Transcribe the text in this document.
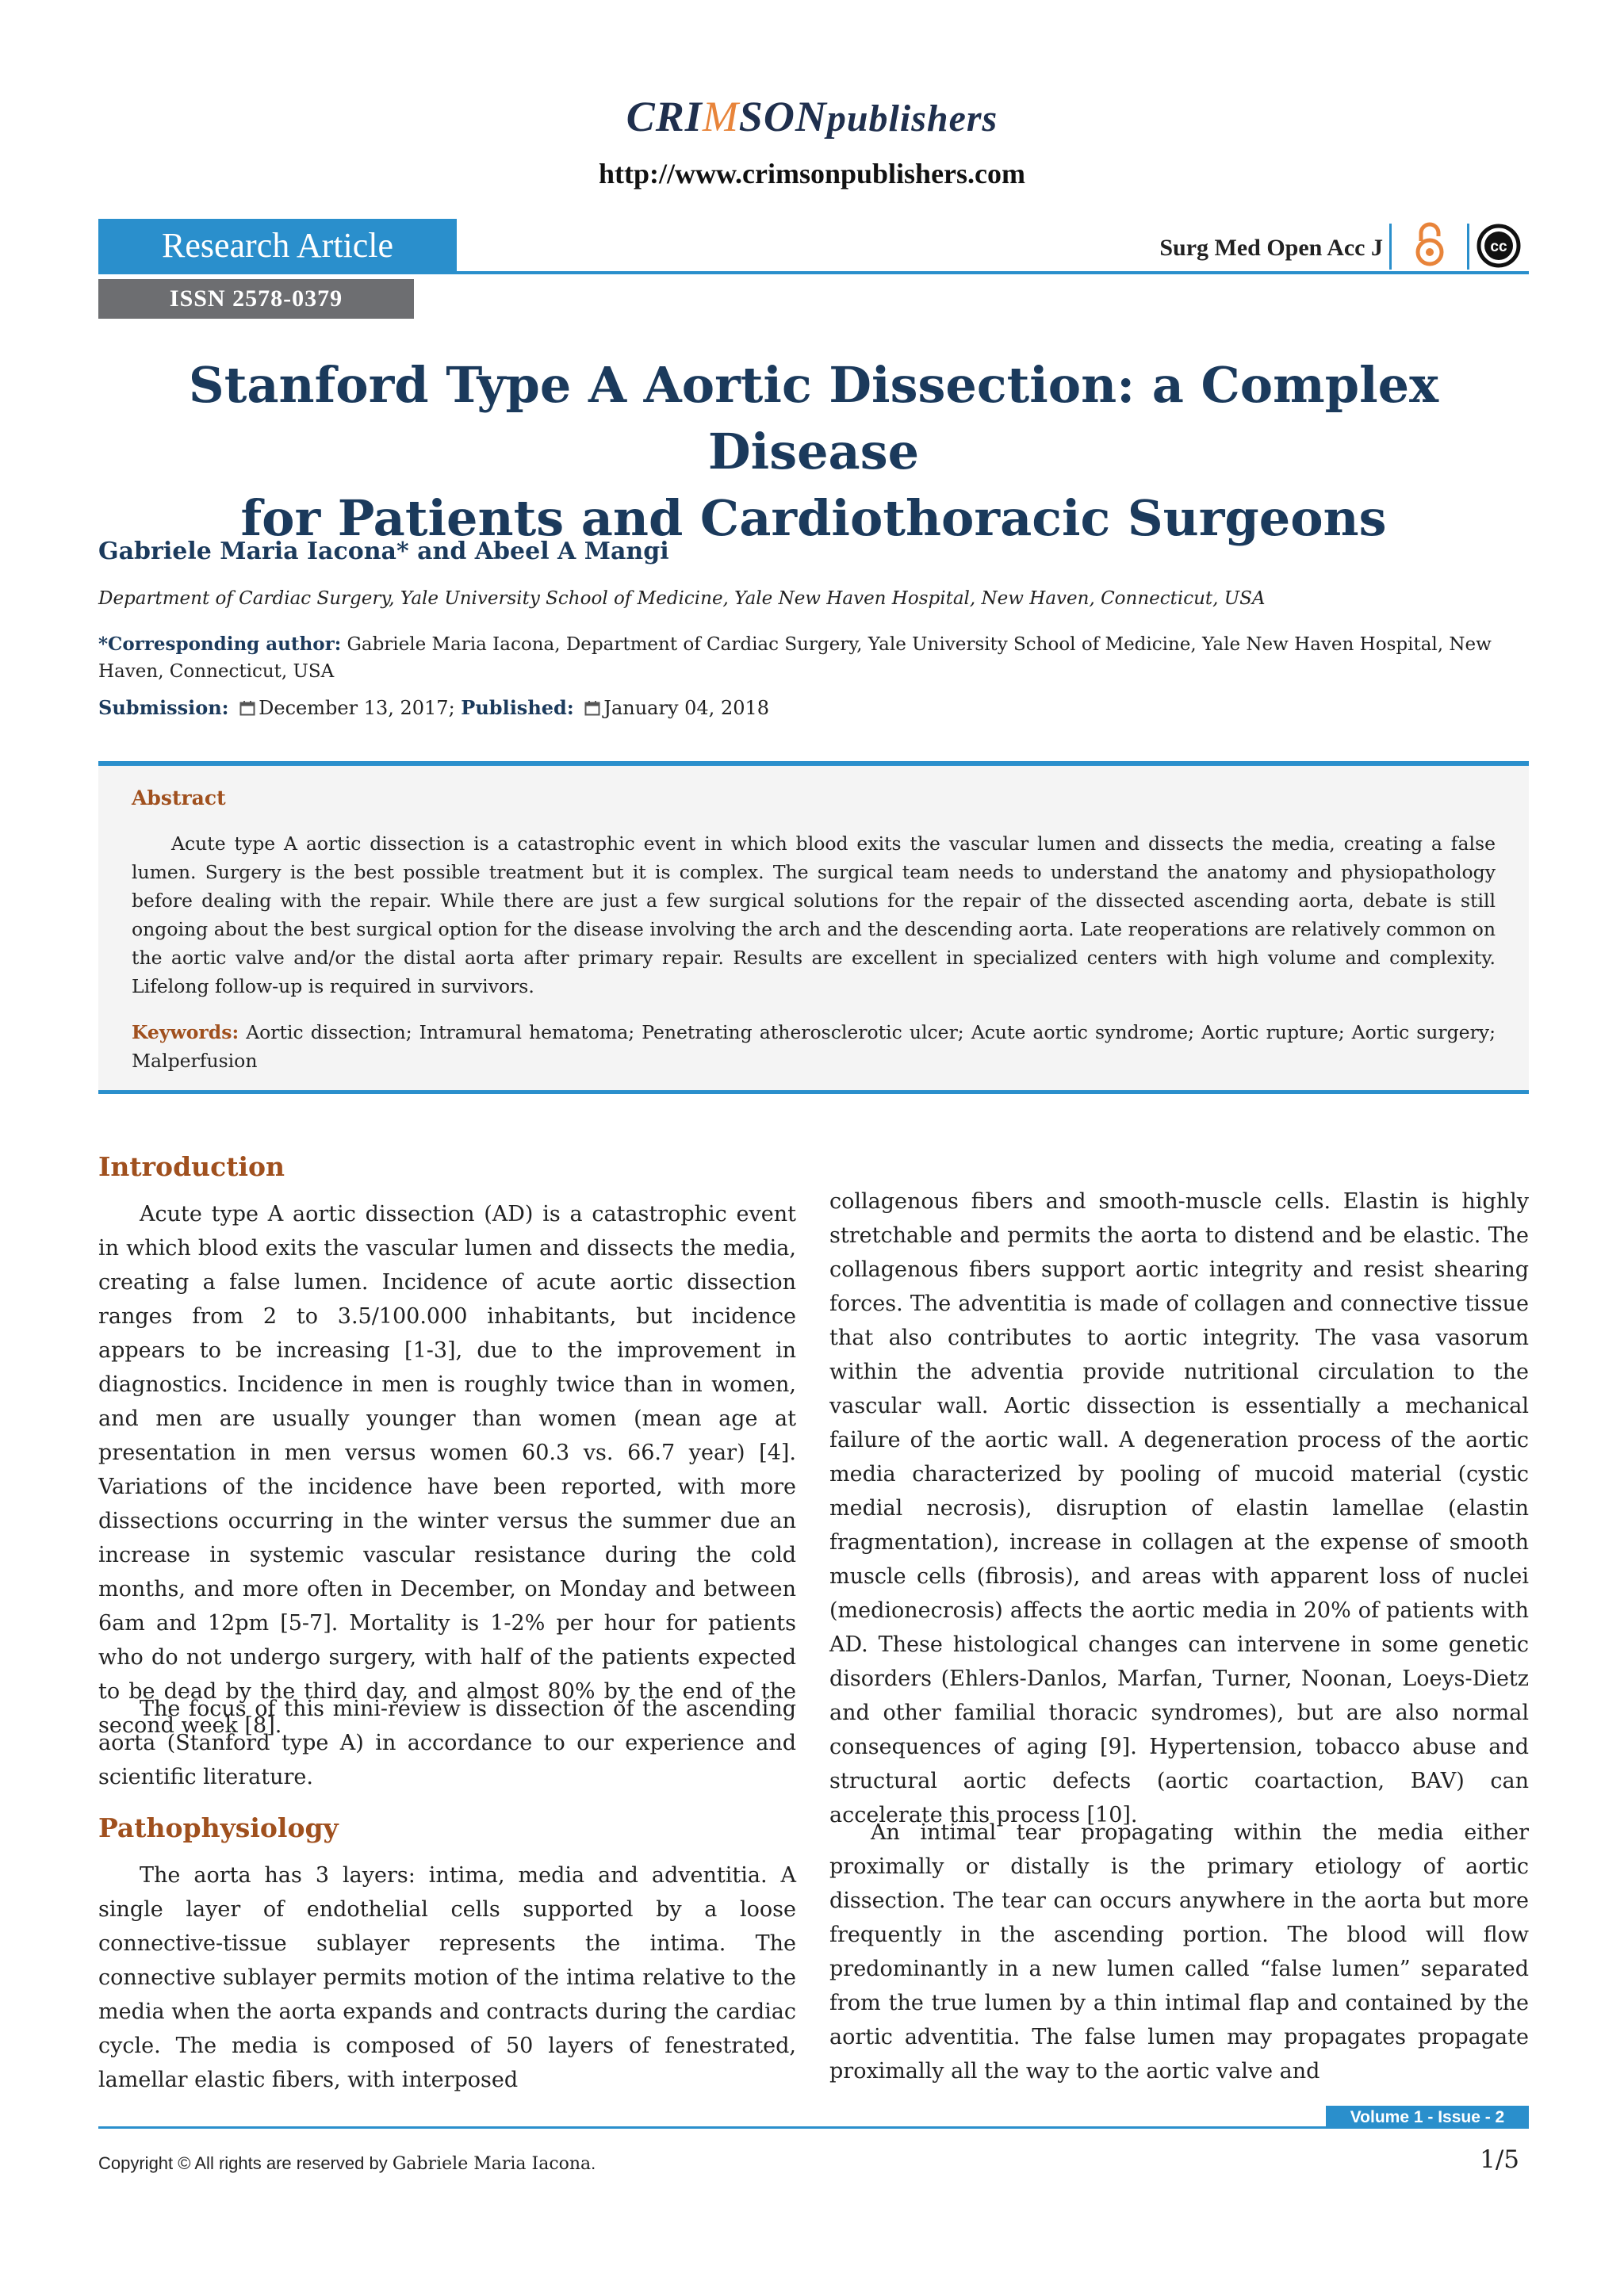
CRIMSONpublishers
http://www.crimsonpublishers.com
Research Article
ISSN 2578-0379
Surg Med Open Acc J	cc
Stanford Type A Aortic Dissection: a Complex Disease
for Patients and Cardiothoracic Surgeons
Gabriele Maria Iacona* and Abeel A Mangi
Department of Cardiac Surgery, Yale University School of Medicine, Yale New Haven Hospital, New Haven, Connecticut, USA
*Corresponding author: Gabriele Maria Iacona, Department of Cardiac Surgery, Yale University School of Medicine, Yale New Haven Hospital, New Haven, Connecticut, USA
Submission: December 13, 2017; Published: January 04, 2018
Abstract
Acute type A aortic dissection is a catastrophic event in which blood exits the vascular lumen and dissects the media, creating a false lumen. Surgery is the best possible treatment but it is complex. The surgical team needs to understand the anatomy and physiopathology before dealing with the repair. While there are just a few surgical solutions for the repair of the dissected ascending aorta, debate is still ongoing about the best surgical option for the disease involving the arch and the descending aorta. Late reoperations are relatively common on the aortic valve and/or the distal aorta after primary repair. Results are excellent in specialized centers with high volume and complexity. Lifelong follow-up is required in survivors.
Keywords: Aortic dissection; Intramural hematoma; Penetrating atherosclerotic ulcer; Acute aortic syndrome; Aortic rupture; Aortic surgery; Malperfusion
Introduction

Acute type A aortic dissection (AD) is a catastrophic event in which blood exits the vascular lumen and dissects the media, creating a false lumen. Incidence of acute aortic dissection ranges from 2 to 3.5/100.000 inhabitants, but incidence appears to be increasing [1-3], due to the improvement in diagnostics. Incidence in men is roughly twice than in women, and men are usually younger than women (mean age at presentation in men versus women 60.3 vs. 66.7 year) [4]. Variations of the incidence have been reported, with more dissections occurring in the winter versus the summer due an increase in systemic vascular resistance during the cold months, and more often in December, on Monday and between 6am and 12pm [5-7]. Mortality is 1-2% per hour for patients who do not undergo surgery, with half of the patients expected to be dead by the third day, and almost 80% by the end of the second week [8].

The focus of this mini-review is dissection of the ascending aorta (Stanford type A) in accordance to our experience and scientific literature.

Pathophysiology

The aorta has 3 layers: intima, media and adventitia. A single layer of endothelial cells supported by a loose connective-tissue sublayer represents the intima. The connective sublayer permits motion of the intima relative to the media when the aorta expands and contracts during the cardiac cycle. The media is composed of 50 layers of fenestrated, lamellar elastic fibers, with interposed

collagenous fibers and smooth-muscle cells. Elastin is highly stretchable and permits the aorta to distend and be elastic. The collagenous fibers support aortic integrity and resist shearing forces. The adventitia is made of collagen and connective tissue that also contributes to aortic integrity. The vasa vasorum within the adventia provide nutritional circulation to the vascular wall. Aortic dissection is essentially a mechanical failure of the aortic wall. A degeneration process of the aortic media characterized by pooling of mucoid material (cystic medial necrosis), disruption of elastin lamellae (elastin fragmentation), increase in collagen at the expense of smooth muscle cells (fibrosis), and areas with apparent loss of nuclei (medionecrosis) affects the aortic media in 20% of patients with AD. These histological changes can intervene in some genetic disorders (Ehlers-Danlos, Marfan, Turner, Noonan, Loeys-Dietz and other familial thoracic syndromes), but are also normal consequences of aging [9]. Hypertension, tobacco abuse and structural aortic defects (aortic coartaction, BAV) can accelerate this process [10].

An intimal tear propagating within the media either proximally or distally is the primary etiology of aortic dissection. The tear can occurs anywhere in the aorta but more frequently in the ascending portion. The blood will flow predominantly in a new lumen called “false lumen” separated from the true lumen by a thin intimal flap and contained by the aortic adventitia. The false lumen may propagates propagate proximally all the way to the aortic valve and

Volume 1 - Issue - 2
Copyright © All rights are reserved by Gabriele Maria Iacona.	1/5
